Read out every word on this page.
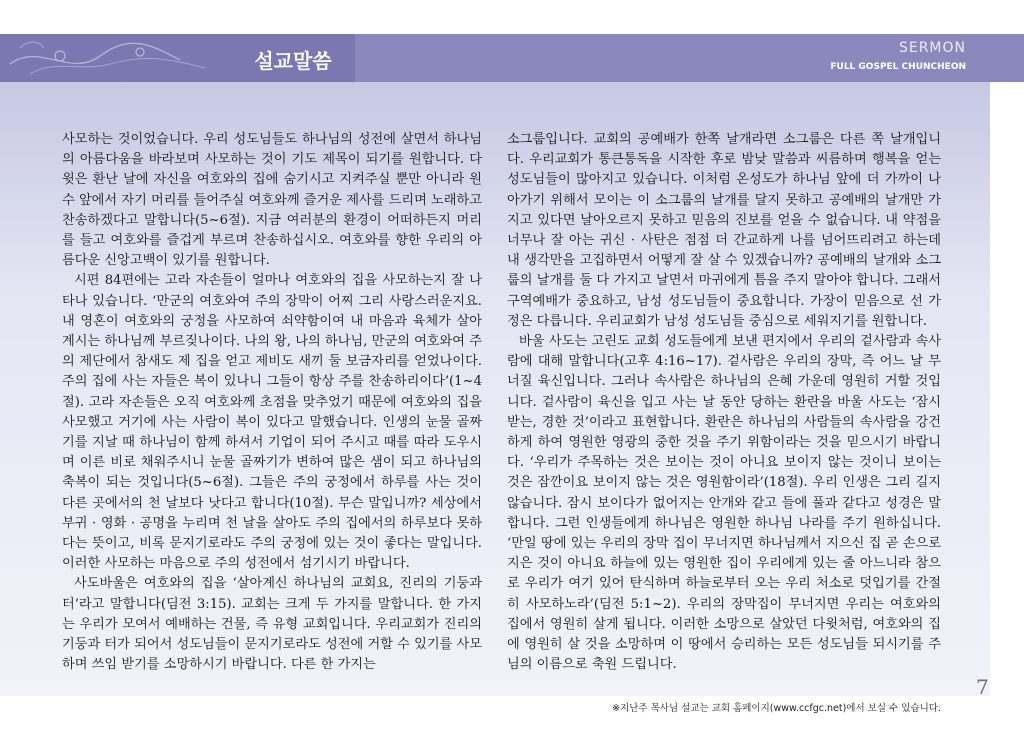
설교말씀
SERMON
FULL GOSPEL CHUNCHEON

사모하는 것이었습니다. 우리 성도님들도 하나님의 성전에 살면서 하나님의 아름다움을 바라보며 사모하는 것이 기도 제목이 되기를 원합니다. 다윗은 환난 날에 자신을 여호와의 집에 숨기시고 지켜주실 뿐만 아니라 원수 앞에서 자기 머리를 들어주실 여호와께 즐거운 제사를 드리며 노래하고 찬송하겠다고 말합니다(5~6절). 지금 여러분의 환경이 어떠하든지 머리를 들고 여호와를 즐겁게 부르며 찬송하십시오. 여호와를 향한 우리의 아름다운 신앙고백이 있기를 원합니다.

시편 84편에는 고라 자손들이 얼마나 여호와의 집을 사모하는지 잘 나타나 있습니다. ‘만군의 여호와여 주의 장막이 어찌 그리 사랑스러운지요. 내 영혼이 여호와의 궁정을 사모하여 쇠약함이여 내 마음과 육체가 살아 계시는 하나님께 부르짖나이다. 나의 왕, 나의 하나님, 만군의 여호와여 주의 제단에서 참새도 제 집을 얻고 제비도 새끼 둘 보금자리를 얻었나이다. 주의 집에 사는 자들은 복이 있나니 그들이 항상 주를 찬송하리이다’(1~4절). 고라 자손들은 오직 여호와께 초점을 맞추었기 때문에 여호와의 집을 사모했고 거기에 사는 사람이 복이 있다고 말했습니다. 인생의 눈물 골짜기를 지날 때 하나님이 함께 하셔서 기업이 되어 주시고 때를 따라 도우시며 이른 비로 채워주시니 눈물 골짜기가 변하여 많은 샘이 되고 하나님의 축복이 되는 것입니다(5~6절). 그들은 주의 궁정에서 하루를 사는 것이 다른 곳에서의 천 날보다 낫다고 합니다(10절). 무슨 말입니까? 세상에서 부귀 · 영화 · 공명을 누리며 천 날을 살아도 주의 집에서의 하루보다 못하다는 뜻이고, 비록 문지기로라도 주의 궁정에 있는 것이 좋다는 말입니다. 이러한 사모하는 마음으로 주의 성전에서 섬기시기 바랍니다.

사도바울은 여호와의 집을 ‘살아계신 하나님의 교회요, 진리의 기둥과 터’라고 말합니다(딤전 3:15). 교회는 크게 두 가지를 말합니다. 한 가지는 우리가 모여서 예배하는 건물, 즉 유형 교회입니다. 우리교회가 진리의 기둥과 터가 되어서 성도님들이 문지기로라도 성전에 거할 수 있기를 사모하며 쓰임 받기를 소망하시기 바랍니다. 다른 한 가지는

소그룹입니다. 교회의 공예배가 한쪽 날개라면 소그룹은 다른 쪽 날개입니다. 우리교회가 통큰통독을 시작한 후로 밤낮 말씀과 씨름하며 행복을 얻는 성도님들이 많아지고 있습니다. 이처럼 온성도가 하나님 앞에 더 가까이 나아가기 위해서 모이는 이 소그룹의 날개를 달지 못하고 공예배의 날개만 가지고 있다면 날아오르지 못하고 믿음의 진보를 얻을 수 없습니다. 내 약점을 너무나 잘 아는 귀신 · 사탄은 점점 더 간교하게 나를 넘어뜨리려고 하는데 내 생각만을 고집하면서 어떻게 잘 살 수 있겠습니까? 공예배의 날개와 소그룹의 날개를 둘 다 가지고 날면서 마귀에게 틈을 주지 말아야 합니다. 그래서 구역예배가 중요하고, 남성 성도님들이 중요합니다. 가장이 믿음으로 선 가정은 다릅니다. 우리교회가 남성 성도님들 중심으로 세워지기를 원합니다.

바울 사도는 고린도 교회 성도들에게 보낸 편지에서 우리의 겉사람과 속사람에 대해 말합니다(고후 4:16~17). 겉사람은 우리의 장막, 즉 어느 날 무너질 육신입니다. 그러나 속사람은 하나님의 은혜 가운데 영원히 거할 것입니다. 겉사람이 육신을 입고 사는 날 동안 당하는 환란을 바울 사도는 ‘잠시 받는, 경한 것’이라고 표현합니다. 환란은 하나님의 사람들의 속사람을 강건하게 하여 영원한 영광의 중한 것을 주기 위함이라는 것을 믿으시기 바랍니다. ‘우리가 주목하는 것은 보이는 것이 아니요 보이지 않는 것이니 보이는 것은 잠깐이요 보이지 않는 것은 영원함이라’(18절). 우리 인생은 그리 길지 않습니다. 잠시 보이다가 없어지는 안개와 같고 들에 풀과 같다고 성경은 말합니다. 그런 인생들에게 하나님은 영원한 하나님 나라를 주기 원하십니다. ‘만일 땅에 있는 우리의 장막 집이 무너지면 하나님께서 지으신 집 곧 손으로 지은 것이 아니요 하늘에 있는 영원한 집이 우리에게 있는 줄 아느니라 참으로 우리가 여기 있어 탄식하며 하늘로부터 오는 우리 처소로 덧입기를 간절히 사모하노라’(딤전 5:1~2). 우리의 장막집이 무너지면 우리는 여호와의 집에서 영원히 살게 됩니다. 이러한 소망으로 살았던 다윗처럼, 여호와의 집에 영원히 살 것을 소망하며 이 땅에서 승리하는 모든 성도님들 되시기를 주님의 이름으로 축원 드립니다.

7
※지난주 목사님 설교는 교회 홈페이지(www.ccfgc.net)에서 보실 수 있습니다.
